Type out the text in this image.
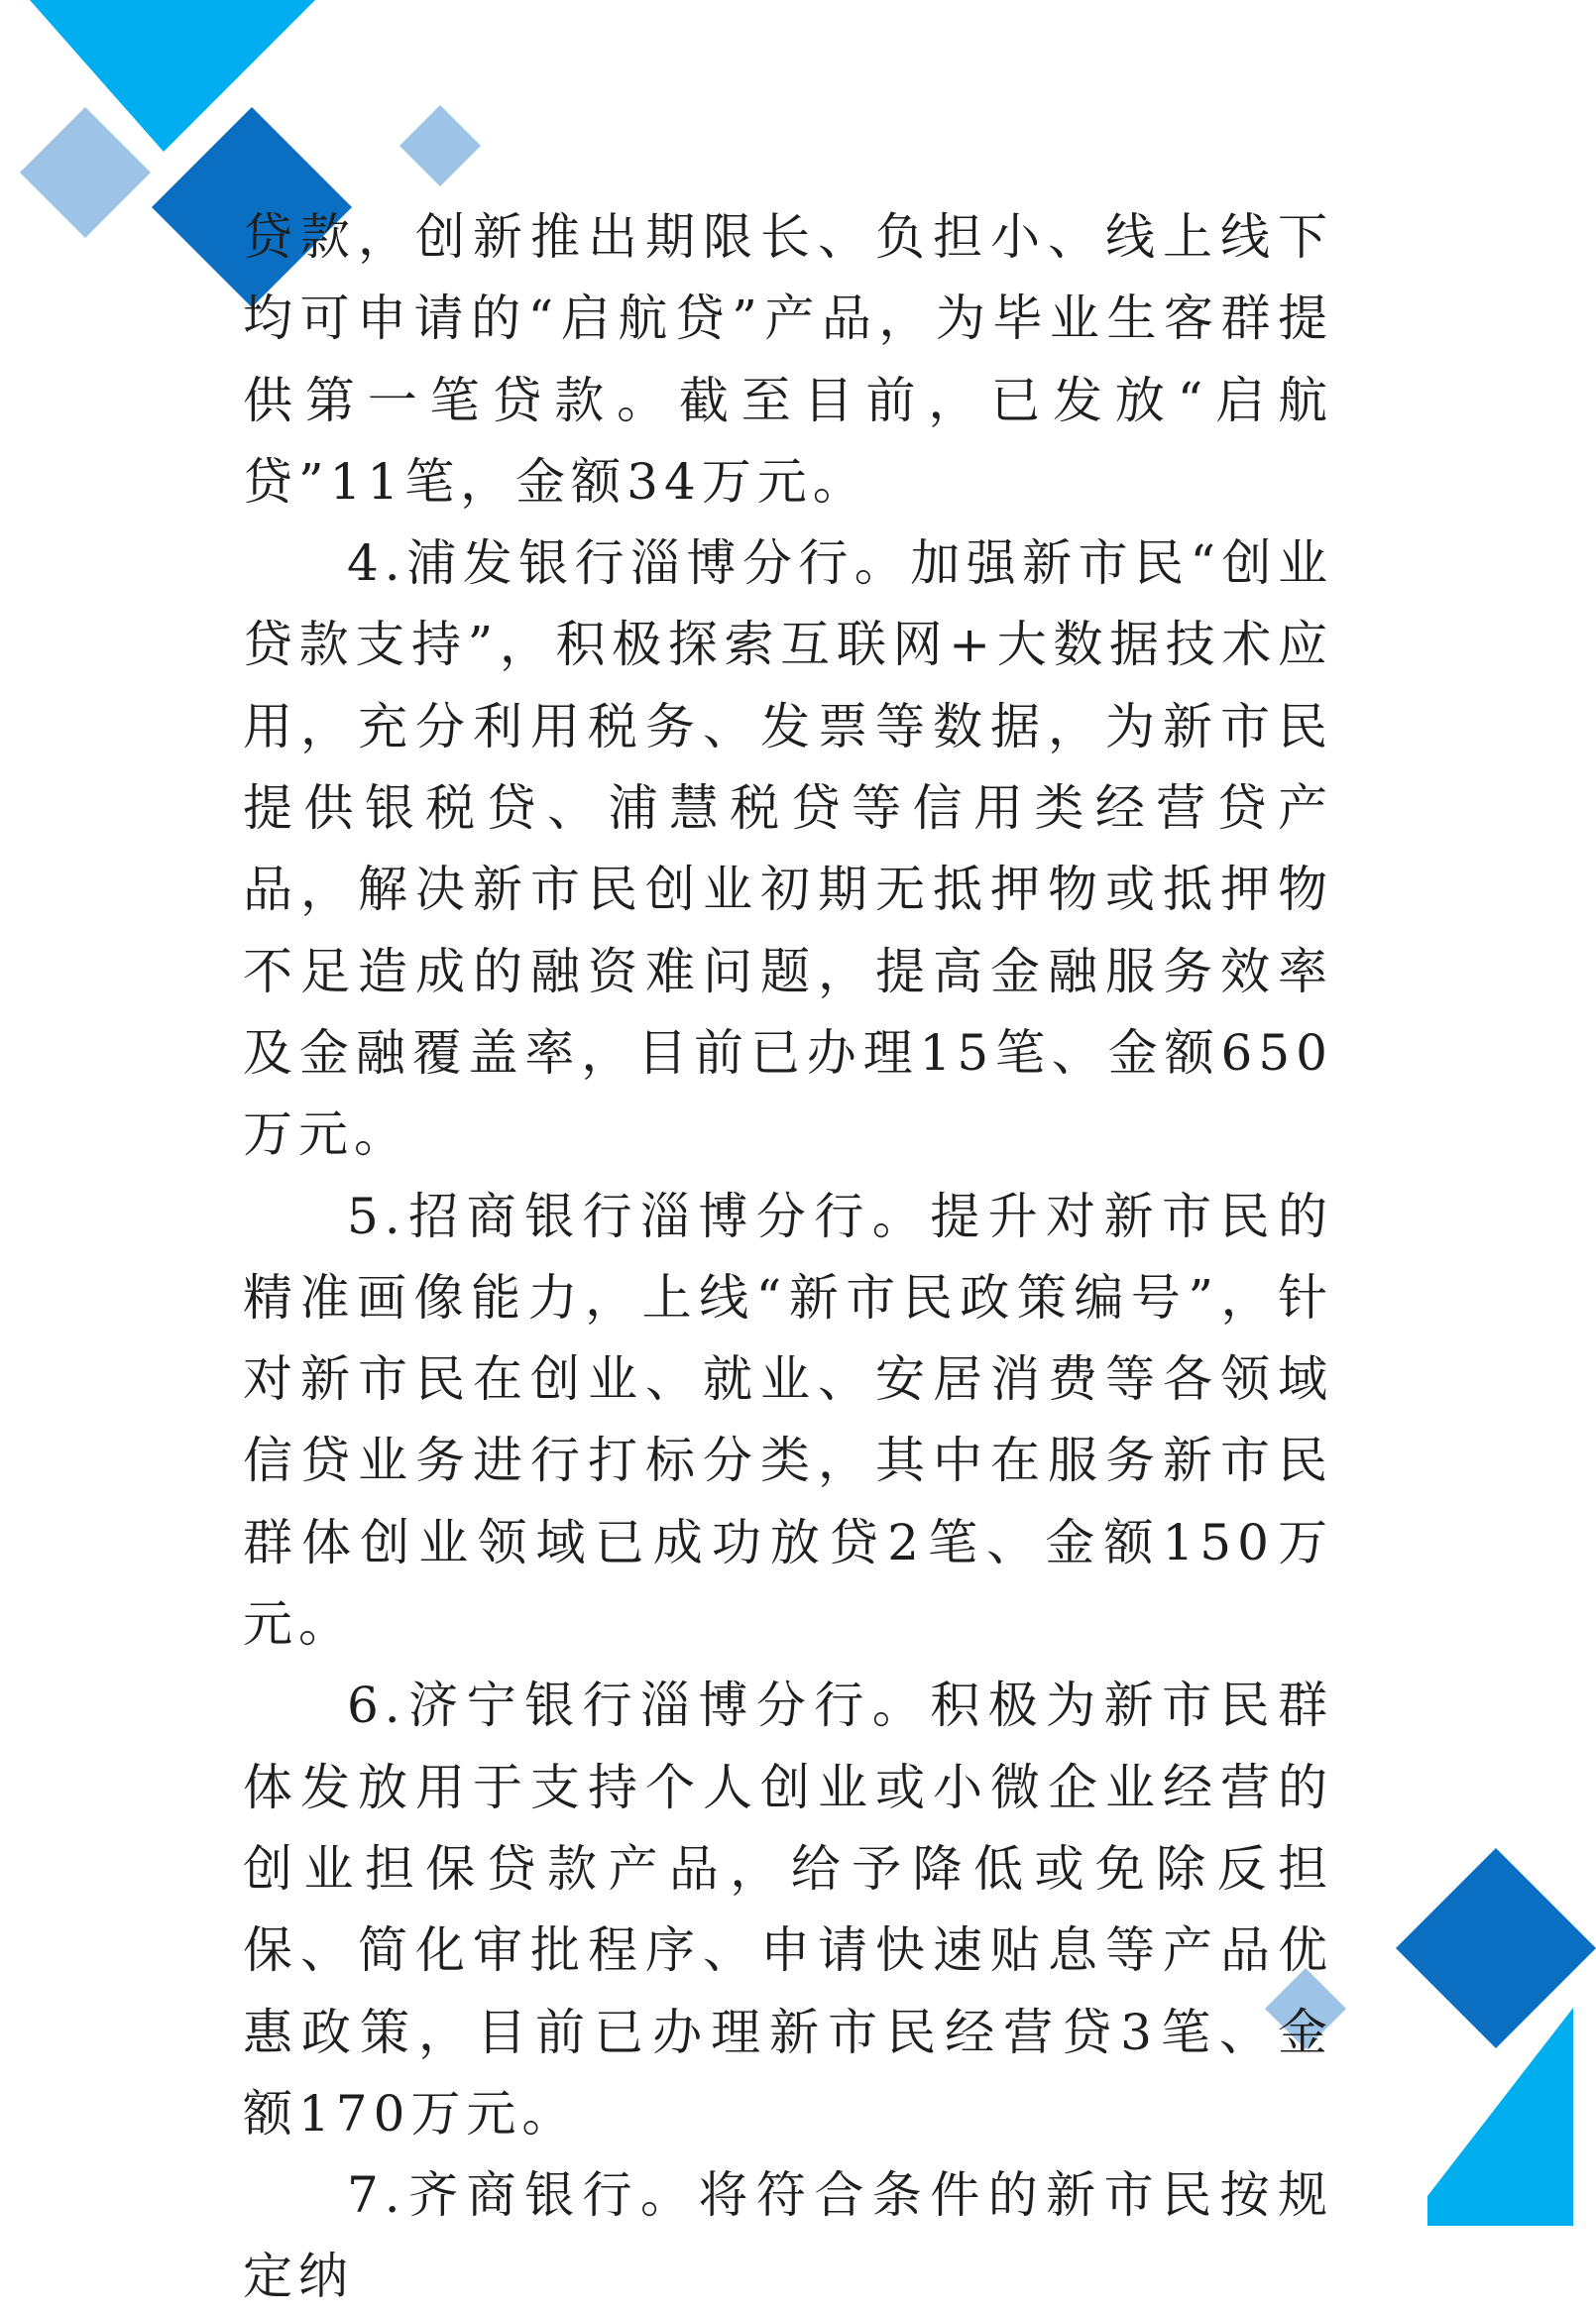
贷款，创新推出期限长、负担小、线上线下均可申请的“启航贷”产品，为毕业生客群提供第一笔贷款。截至目前，已发放“启航贷”11笔，金额34万元。

4.浦发银行淄博分行。加强新市民“创业贷款支持”，积极探索互联网+大数据技术应用，充分利用税务、发票等数据，为新市民提供银税贷、浦慧税贷等信用类经营贷产品，解决新市民创业初期无抵押物或抵押物不足造成的融资难问题，提高金融服务效率及金融覆盖率，目前已办理15笔、金额650万元。

5.招商银行淄博分行。提升对新市民的精准画像能力，上线“新市民政策编号”，针对新市民在创业、就业、安居消费等各领域信贷业务进行打标分类，其中在服务新市民群体创业领域已成功放贷2笔、金额150万元。

6.济宁银行淄博分行。积极为新市民群体发放用于支持个人创业或小微企业经营的创业担保贷款产品，给予降低或免除反担保、简化审批程序、申请快速贴息等产品优惠政策，目前已办理新市民经营贷3笔、金额170万元。

7.齐商银行。将符合条件的新市民按规定纳
